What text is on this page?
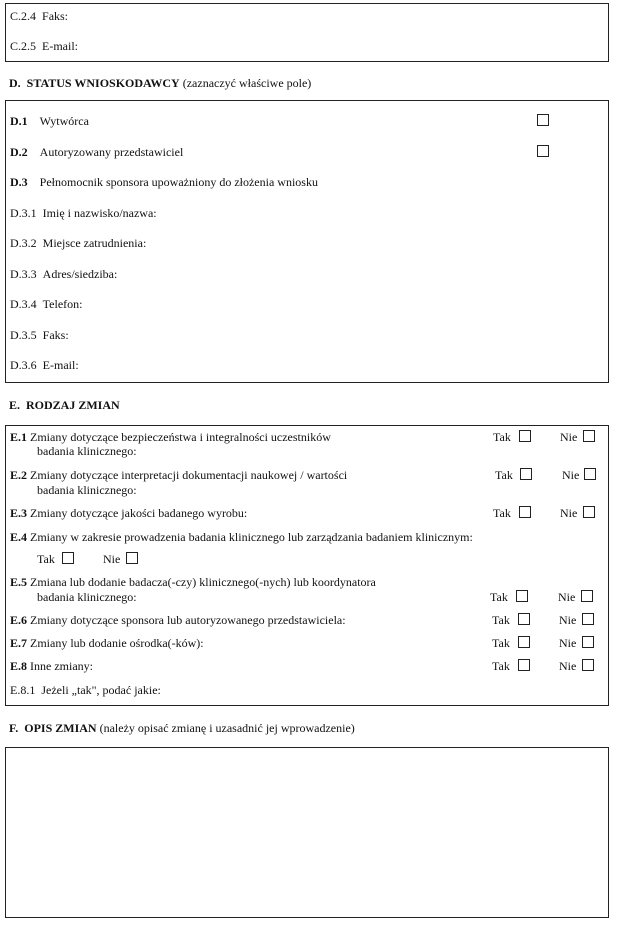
C.2.4 Faks:
C.2.5 E-mail:
D. STATUS WNIOSKODAWCY (zaznaczyć właściwe pole)
D.1 Wytwórca
D.2 Autoryzowany przedstawiciel
D.3 Pełnomocnik sponsora upoważniony do złożenia wniosku
D.3.1 Imię i nazwisko/nazwa:
D.3.2 Miejsce zatrudnienia:
D.3.3 Adres/siedziba:
D.3.4 Telefon:
D.3.5 Faks:
D.3.6 E-mail:
E. RODZAJ ZMIAN
E.1 Zmiany dotyczące bezpieczeństwa i integralności uczestników
badania klinicznego:
Tak	Nie
E.2 Zmiany dotyczące interpretacji dokumentacji naukowej / wartości
badania klinicznego:
Tak	Nie
E.3 Zmiany dotyczące jakości badanego wyrobu:	Tak	Nie
E.4 Zmiany w zakresie prowadzenia badania klinicznego lub zarządzania badaniem klinicznym:
Tak	Nie
E.5 Zmiana lub dodanie badacza(-czy) klinicznego(-nych) lub koordynatora
badania klinicznego:	Tak	Nie
E.6 Zmiany dotyczące sponsora lub autoryzowanego przedstawiciela:	Tak	Nie
E.7 Zmiany lub dodanie ośrodka(-ków):	Tak	Nie
E.8 Inne zmiany:	Tak	Nie
E.8.1 Jeżeli „tak", podać jakie:
F. OPIS ZMIAN (należy opisać zmianę i uzasadnić jej wprowadzenie)
